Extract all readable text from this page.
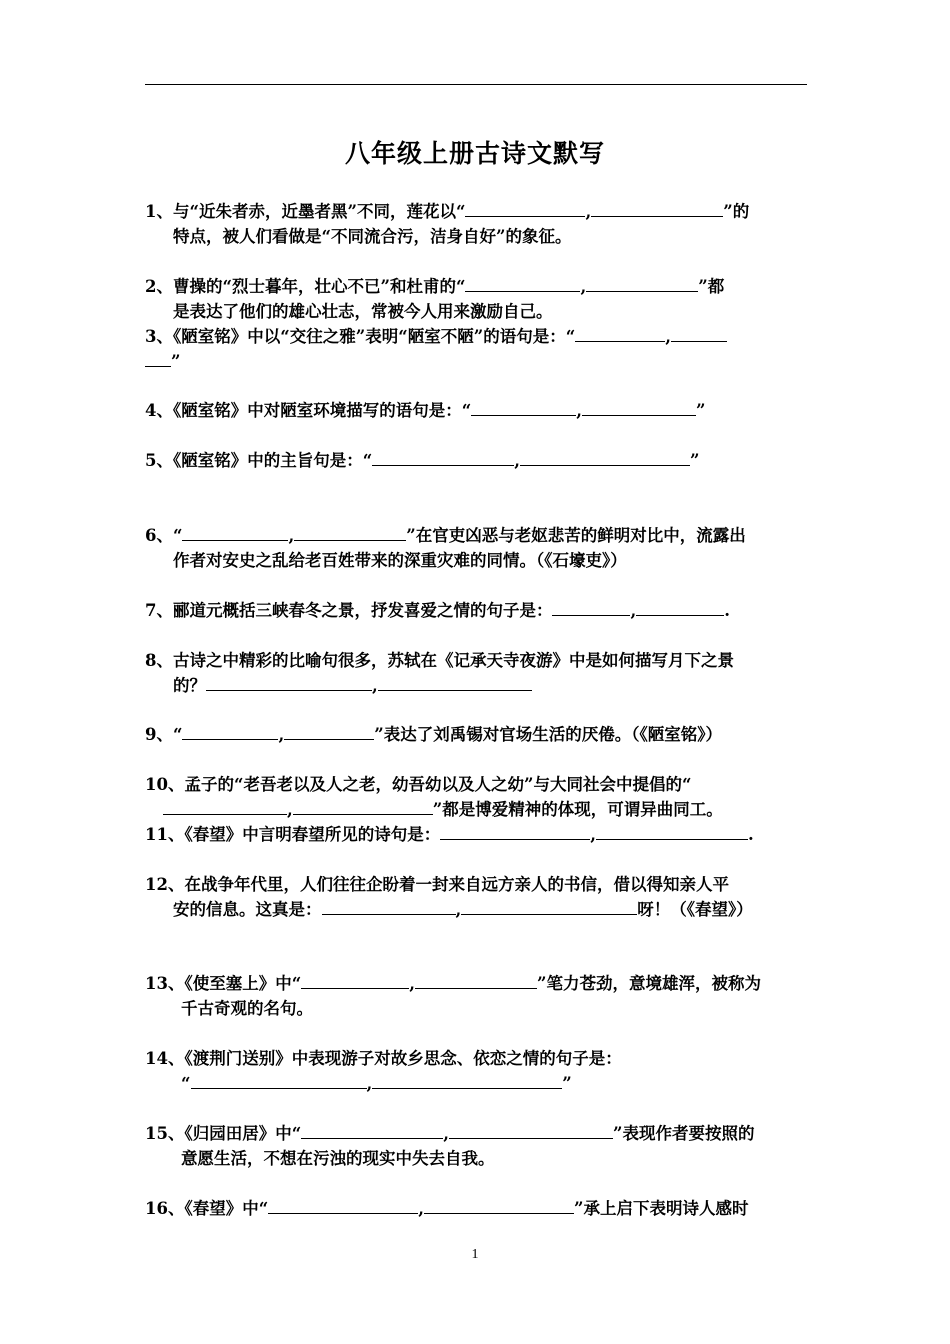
八年级上册古诗文默写
1、与“近朱者赤，近墨者黑”不同，莲花以“	,	”的
特点，被人们看做是“不同流合污，洁身自好”的象征。
2、曹操的“烈士暮年，壮心不已”和杜甫的“	,	”都
是表达了他们的雄心壮志，常被今人用来激励自己。
3、《陋室铭》中以“交往之雅”表明“陋室不陋”的语句是：“	,
”
4、《陋室铭》中对陋室环境描写的语句是：“	,	”
5、《陋室铭》中的主旨句是：“	,	”
6、“	,	”在官吏凶恶与老妪悲苦的鲜明对比中，流露出
作者对安史之乱给老百姓带来的深重灾难的同情。（《石壕吏》）
7、郦道元概括三峡春冬之景，抒发喜爱之情的句子是：	,	.
8、古诗之中精彩的比喻句很多，苏轼在《记承天寺夜游》中是如何描写月下之景
的？	,
9、“	,	”表达了刘禹锡对官场生活的厌倦。（《陋室铭》）
10、孟子的“老吾老以及人之老，幼吾幼以及人之幼”与大同社会中提倡的“
,	”都是博爱精神的体现，可谓异曲同工。
11、《春望》中言明春望所见的诗句是：	,	.
12、在战争年代里，人们往往企盼着一封来自远方亲人的书信，借以得知亲人平
安的信息。这真是：	,	呀！（《春望》）
13、《使至塞上》中“	,	”笔力苍劲，意境雄浑，被称为
千古奇观的名句。
14、《渡荆门送别》中表现游子对故乡思念、依恋之情的句子是：
“	,	”
15、《归园田居》中“	,	”表现作者要按照的
意愿生活，不想在污浊的现实中失去自我。
16、《春望》中“	,	”承上启下表明诗人感时
1
